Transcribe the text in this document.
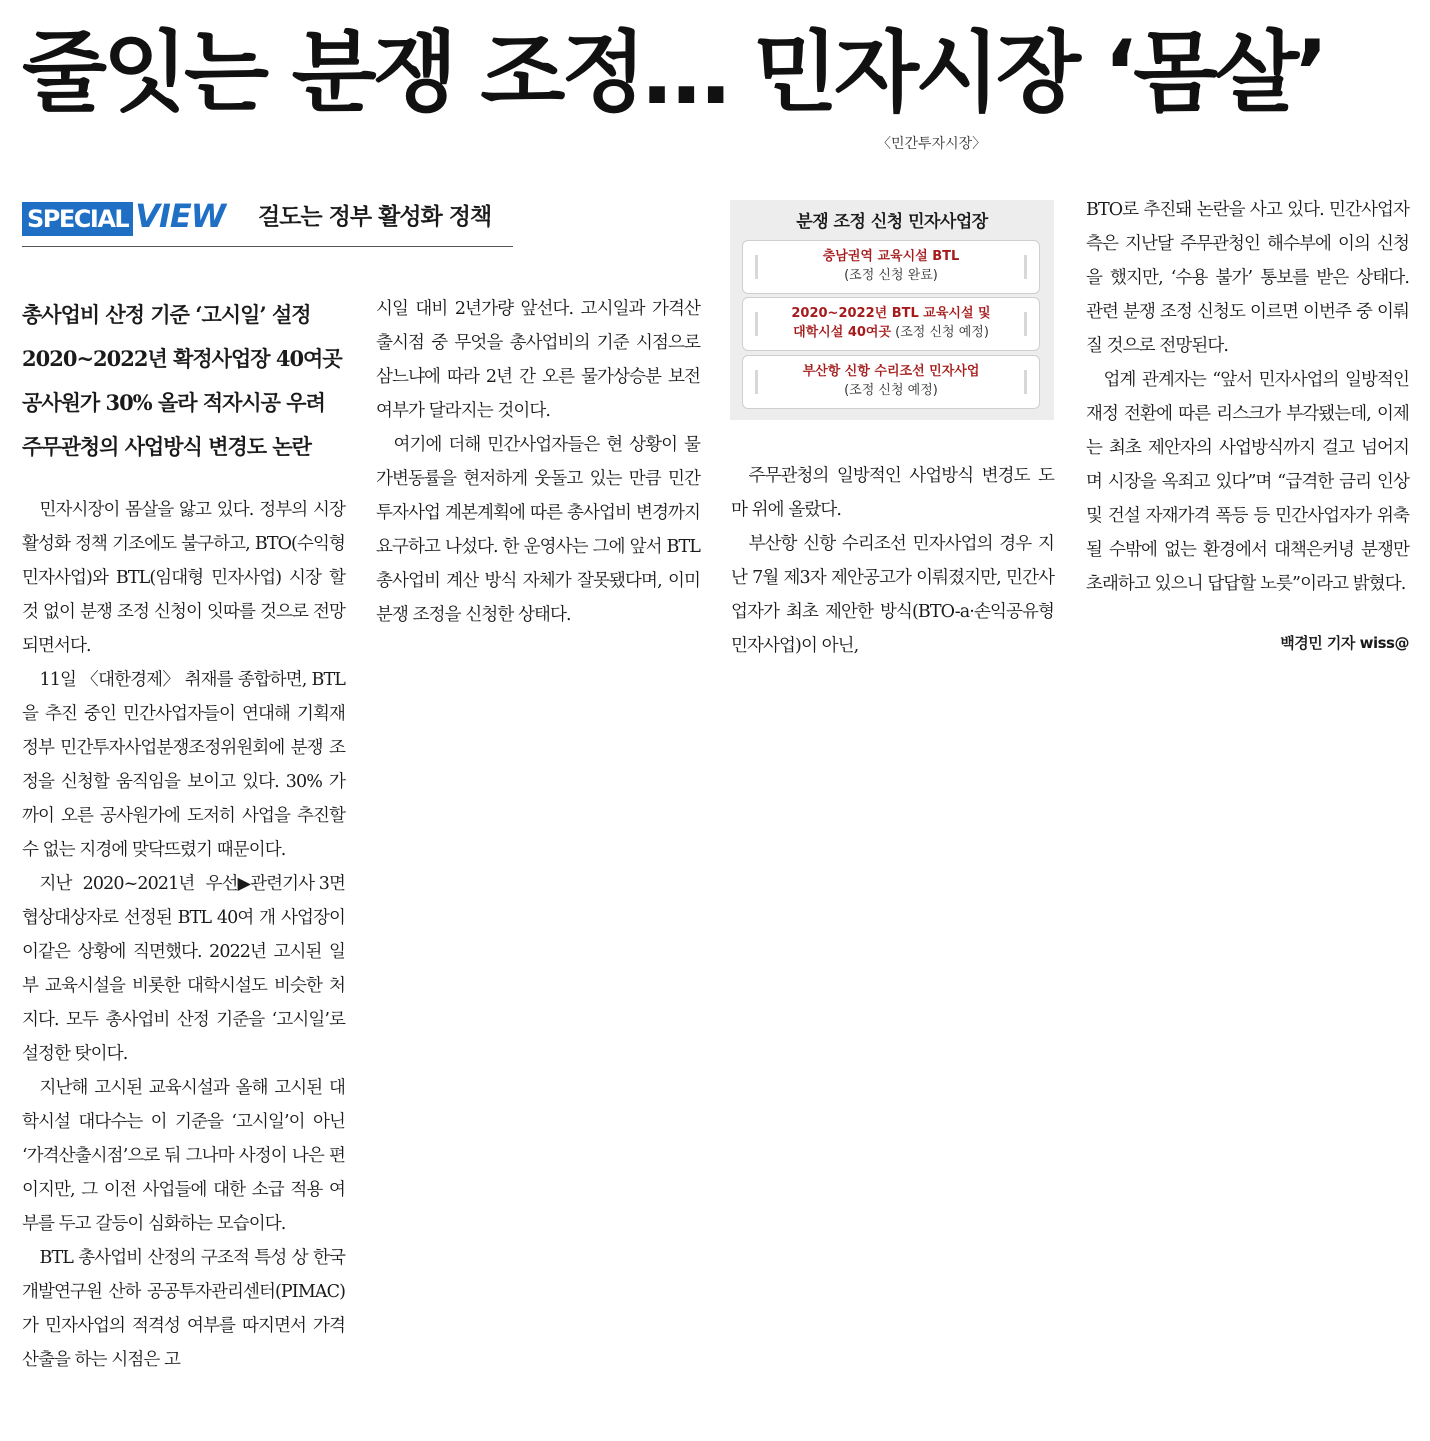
줄잇는 분쟁 조정… 민자시장 ‘몸살’
〈민간투자시장〉
SPECIAL VIEW 걸도는 정부 활성화 정책
총사업비 산정 기준 ‘고시일’ 설정
2020~2022년 확정사업장 40여곳
공사원가 30% 올라 적자시공 우려
주무관청의 사업방식 변경도 논란

민자시장이 몸살을 앓고 있다. 정부의 시장 활성화 정책 기조에도 불구하고, BTO(수익형 민자사업)와 BTL(임대형 민자사업) 시장 할 것 없이 분쟁 조정 신청이 잇따를 것으로 전망되면서다.

11일 〈대한경제〉 취재를 종합하면, BTL을 추진 중인 민간사업자들이 연대해 기획재정부 민간투자사업분쟁조정위원회에 분쟁 조정을 신청할 움직임을 보이고 있다. 30% 가까이 오른 공사원가에 도저히 사업을 추진할 수 없는 지경에 맞닥뜨렸기 때문이다.
▶관련기사 3면

지난 2020~2021년 우선협상대상자로 선정된 BTL 40여 개 사업장이 이같은 상황에 직면했다. 2022년 고시된 일부 교육시설을 비롯한 대학시설도 비슷한 처지다. 모두 총사업비 산정 기준을 ‘고시일’로 설정한 탓이다.

지난해 고시된 교육시설과 올해 고시된 대학시설 대다수는 이 기준을 ‘고시일’이 아닌 ‘가격산출시점’으로 둬 그나마 사정이 나은 편이지만, 그 이전 사업들에 대한 소급 적용 여부를 두고 갈등이 심화하는 모습이다.

BTL 총사업비 산정의 구조적 특성 상 한국개발연구원 산하 공공투자관리센터(PIMAC)가 민자사업의 적격성 여부를 따지면서 가격 산출을 하는 시점은 고

시일 대비 2년가량 앞선다. 고시일과 가격산출시점 중 무엇을 총사업비의 기준 시점으로 삼느냐에 따라 2년 간 오른 물가상승분 보전 여부가 달라지는 것이다.

여기에 더해 민간사업자들은 현 상황이 물가변동률을 현저하게 웃돌고 있는 만큼 민간투자사업 계본계획에 따른 총사업비 변경까지 요구하고 나섰다. 한 운영사는 그에 앞서 BTL 총사업비 계산 방식 자체가 잘못됐다며, 이미 분쟁 조정을 신청한 상태다.

분쟁 조정 신청 민자사업장
충남권역 교육시설 BTL
(조정 신청 완료)
2020~2022년 BTL 교육시설 및
대학시설 40여곳 (조정 신청 예정)
부산항 신항 수리조선 민자사업
(조정 신청 예정)

주무관청의 일방적인 사업방식 변경도 도마 위에 올랐다.

부산항 신항 수리조선 민자사업의 경우 지난 7월 제3자 제안공고가 이뤄졌지만, 민간사업자가 최초 제안한 방식(BTO-a·손익공유형 민자사업)이 아닌,

BTO로 추진돼 논란을 사고 있다. 민간사업자 측은 지난달 주무관청인 해수부에 이의 신청을 했지만, ‘수용 불가’ 통보를 받은 상태다. 관련 분쟁 조정 신청도 이르면 이번주 중 이뤄질 것으로 전망된다.

업계 관계자는 “앞서 민자사업의 일방적인 재정 전환에 따른 리스크가 부각됐는데, 이제는 최초 제안자의 사업방식까지 걸고 넘어지며 시장을 옥죄고 있다”며 “급격한 금리 인상 및 건설 자재가격 폭등 등 민간사업자가 위축될 수밖에 없는 환경에서 대책은커녕 분쟁만 초래하고 있으니 답답할 노릇”이라고 밝혔다.

백경민 기자 wiss@
